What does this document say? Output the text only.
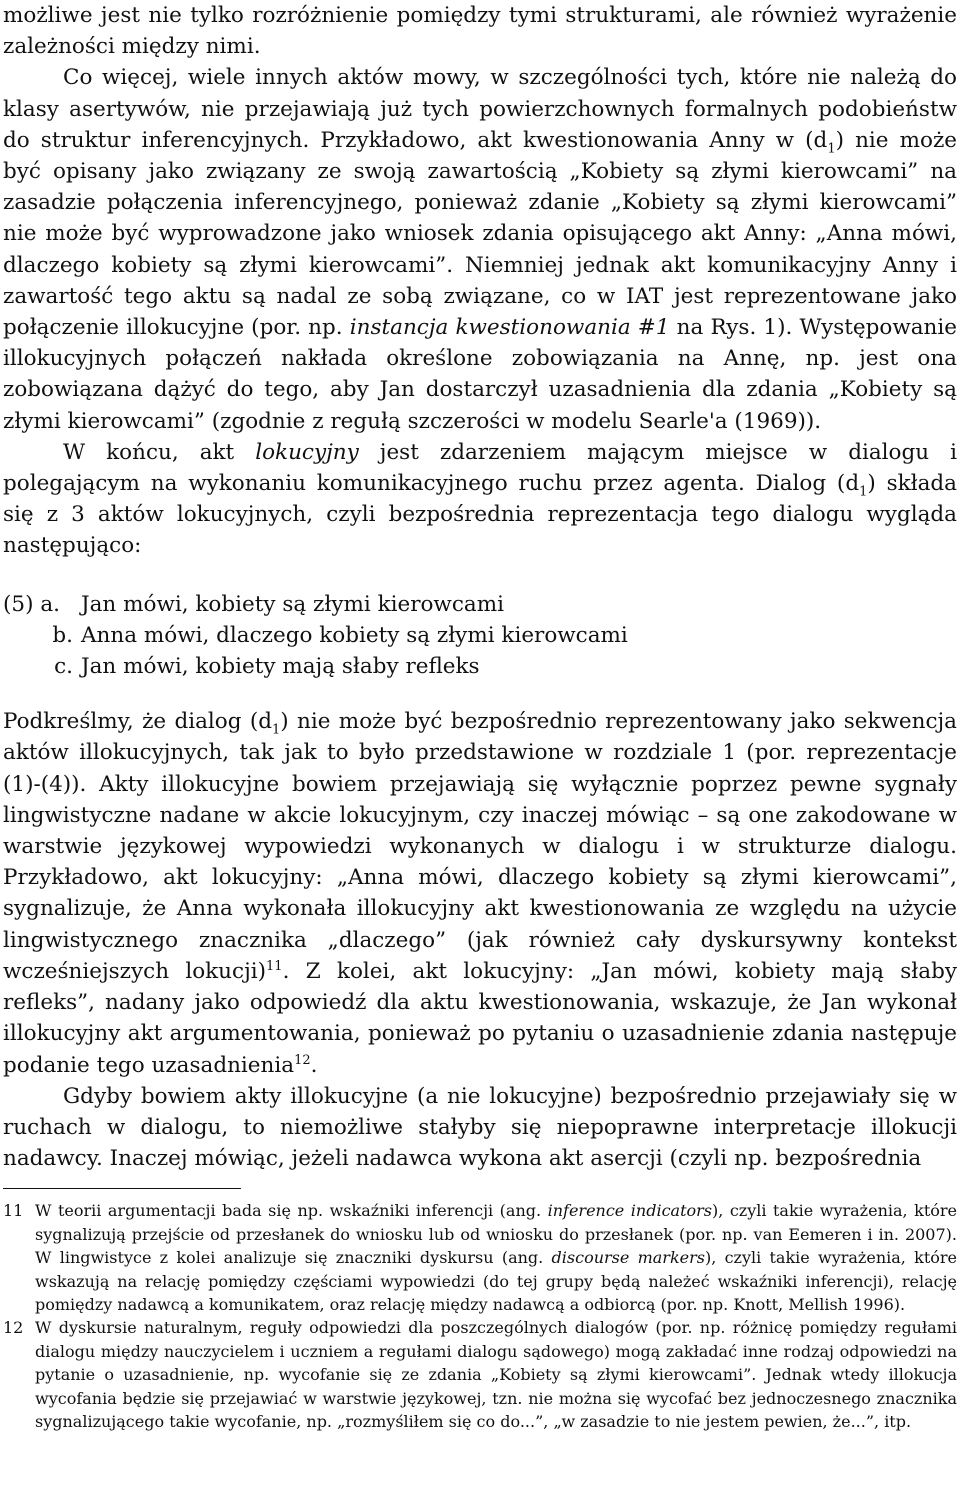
możliwe jest nie tylko rozróżnienie pomiędzy tymi strukturami, ale również wyrażenie zależności między nimi.

Co więcej, wiele innych aktów mowy, w szczególności tych, które nie należą do klasy asertywów, nie przejawiają już tych powierzchownych formalnych podobieństw do struktur inferencyjnych. Przykładowo, akt kwestionowania Anny w $(d_1)$ nie może być opisany jako związany ze swoją zawartością „Kobiety są złymi kierowcami” na zasadzie połączenia inferencyjnego, ponieważ zdanie „Kobiety są złymi kierowcami” nie może być wyprowadzone jako wniosek zdania opisującego akt Anny: „Anna mówi, dlaczego kobiety są złymi kierowcami”. Niemniej jednak akt komunikacyjny Anny i zawartość tego aktu są nadal ze sobą związane, co w IAT jest reprezentowane jako połączenie illokucyjne (por. np. instancja kwestionowania #1 na Rys. 1). Występowanie illokucyjnych połączeń nakłada określone zobowiązania na Annę, np. jest ona zobowiązana dążyć do tego, aby Jan dostarczył uzasadnienia dla zdania „Kobiety są złymi kierowcami” (zgodnie z regułą szczerości w modelu Searle'a (1969)).

W końcu, akt lokucyjny jest zdarzeniem mającym miejsce w dialogu i polegającym na wykonaniu komunikacyjnego ruchu przez agenta. Dialog $(d_1)$ składa się z 3 aktów lokucyjnych, czyli bezpośrednia reprezentacja tego dialogu wygląda następująco:

(5) a. Jan mówi, kobiety są złymi kierowcami
b. Anna mówi, dlaczego kobiety są złymi kierowcami
c. Jan mówi, kobiety mają słaby refleks

Podkreślmy, że dialog $(d_1)$ nie może być bezpośrednio reprezentowany jako sekwencja aktów illokucyjnych, tak jak to było przedstawione w rozdziale 1 (por. reprezentacje (1)-(4)). Akty illokucyjne bowiem przejawiają się wyłącznie poprzez pewne sygnały lingwistyczne nadane w akcie lokucyjnym, czy inaczej mówiąc – są one zakodowane w warstwie językowej wypowiedzi wykonanych w dialogu i w strukturze dialogu. Przykładowo, akt lokucyjny: „Anna mówi, dlaczego kobiety są złymi kierowcami”, sygnalizuje, że Anna wykonała illokucyjny akt kwestionowania ze względu na użycie lingwistycznego znacznika „dlaczego” (jak również cały dyskursywny kontekst wcześniejszych lokucji)$^{11}$. Z kolei, akt lokucyjny: „Jan mówi, kobiety mają słaby refleks”, nadany jako odpowiedź dla aktu kwestionowania, wskazuje, że Jan wykonał illokucyjny akt argumentowania, ponieważ po pytaniu o uzasadnienie zdania następuje podanie tego uzasadnienia$^{12}$.

Gdyby bowiem akty illokucyjne (a nie lokucyjne) bezpośrednio przejawiały się w ruchach w dialogu, to niemożliwe stałyby się niepoprawne interpretacje illokucji nadawcy. Inaczej mówiąc, jeżeli nadawca wykona akt asercji (czyli np. bezpośrednia

11 W teorii argumentacji bada się np. wskaźniki inferencji (ang. inference indicators), czyli takie wyrażenia, które sygnalizują przejście od przesłanek do wniosku lub od wniosku do przesłanek (por. np. van Eemeren i in. 2007). W lingwistyce z kolei analizuje się znaczniki dyskursu (ang. discourse markers), czyli takie wyrażenia, które wskazują na relację pomiędzy częściami wypowiedzi (do tej grupy będą należeć wskaźniki inferencji), relację pomiędzy nadawcą a komunikatem, oraz relację między nadawcą a odbiorcą (por. np. Knott, Mellish 1996).
12 W dyskursie naturalnym, reguły odpowiedzi dla poszczególnych dialogów (por. np. różnicę pomiędzy regułami dialogu między nauczycielem i uczniem a regułami dialogu sądowego) mogą zakładać inne rodzaj odpowiedzi na pytanie o uzasadnienie, np. wycofanie się ze zdania „Kobiety są złymi kierowcami”. Jednak wtedy illokucja wycofania będzie się przejawiać w warstwie językowej, tzn. nie można się wycofać bez jednoczesnego znacznika sygnalizującego takie wycofanie, np. „rozmyśliłem się co do...”, „w zasadzie to nie jestem pewien, że...”, itp.
